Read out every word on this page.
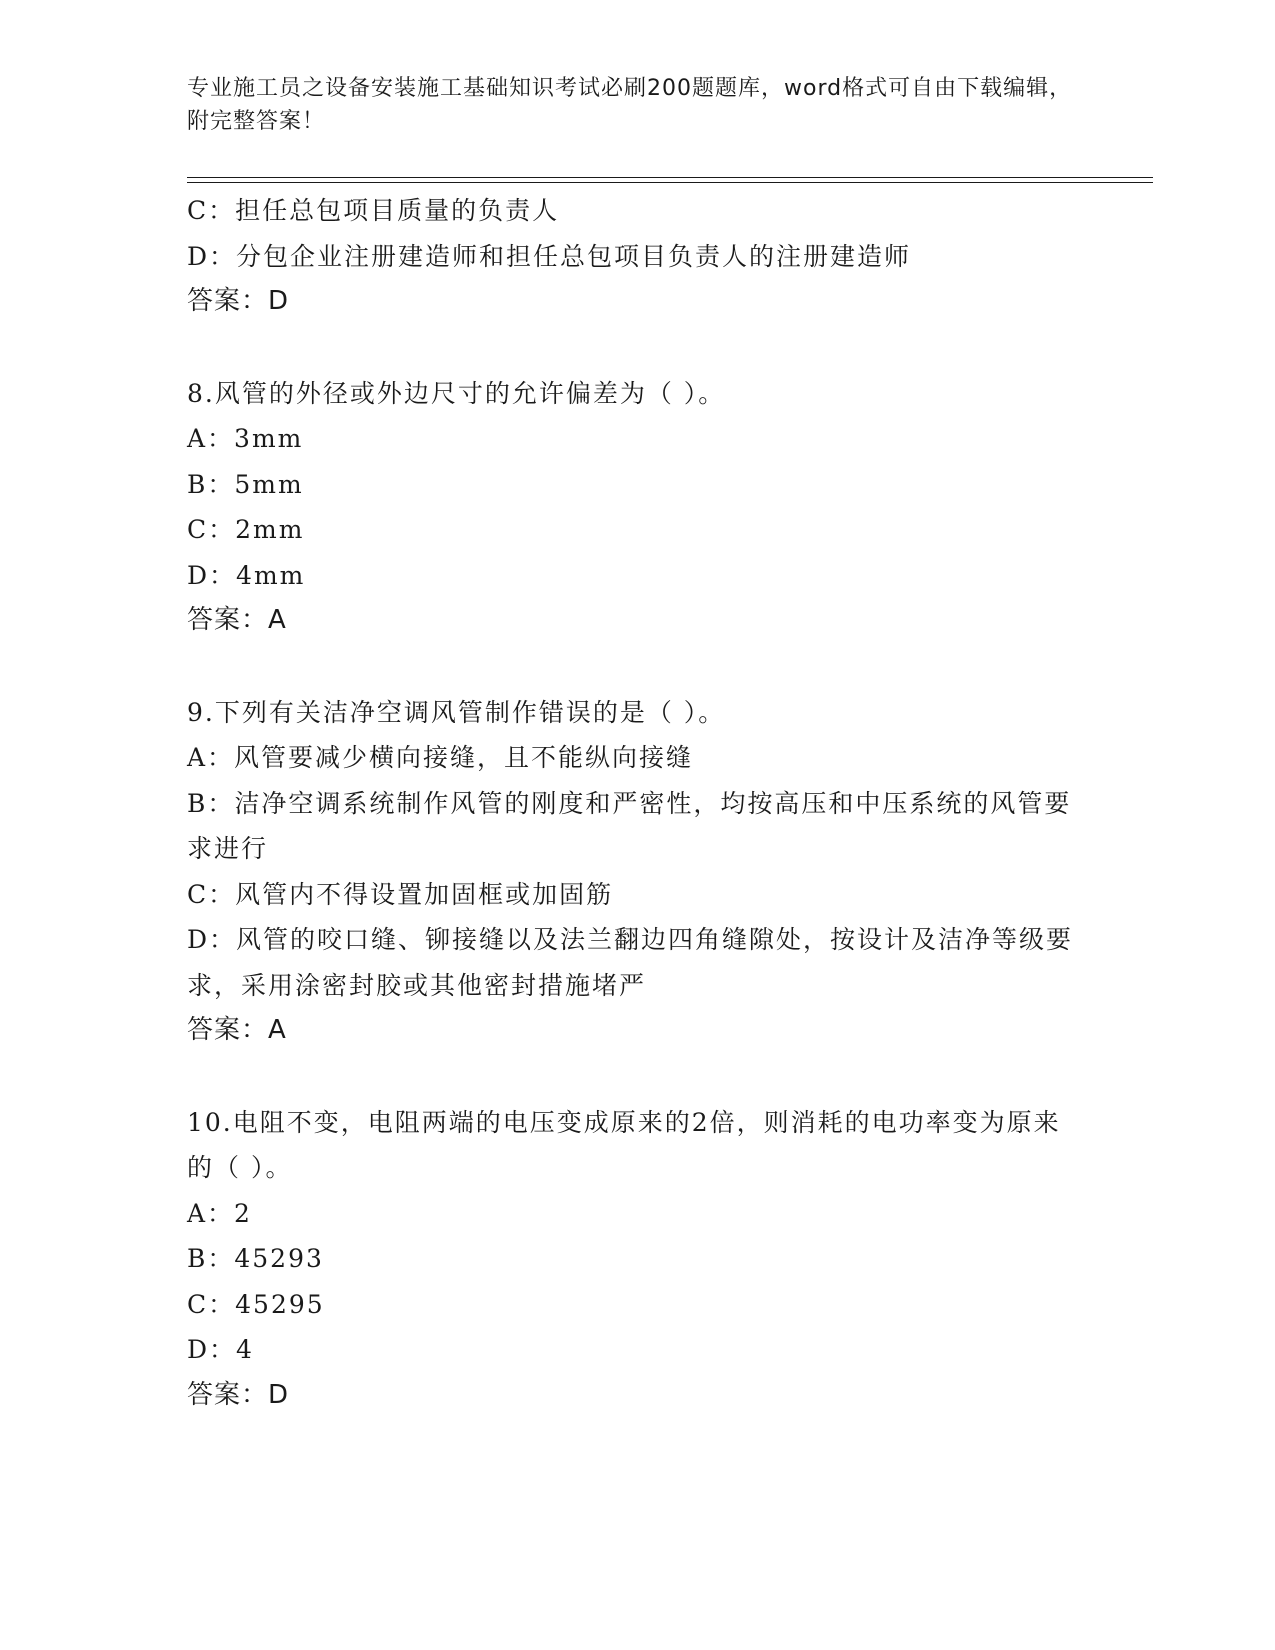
专业施工员之设备安装施工基础知识考试必刷200题题库，word格式可自由下载编辑，附完整答案！
C：担任总包项目质量的负责人
D：分包企业注册建造师和担任总包项目负责人的注册建造师
答案：D
8.风管的外径或外边尺寸的允许偏差为（ ）。
A：3mm
B：5mm
C：2mm
D：4mm
答案：A
9.下列有关洁净空调风管制作错误的是（ ）。
A：风管要减少横向接缝，且不能纵向接缝
B：洁净空调系统制作风管的刚度和严密性，均按高压和中压系统的风管要求进行
C：风管内不得设置加固框或加固筋
D：风管的咬口缝、铆接缝以及法兰翻边四角缝隙处，按设计及洁净等级要求，采用涂密封胶或其他密封措施堵严
答案：A
10.电阻不变，电阻两端的电压变成原来的2倍，则消耗的电功率变为原来的（ ）。
A：2
B：45293
C：45295
D：4
答案：D
